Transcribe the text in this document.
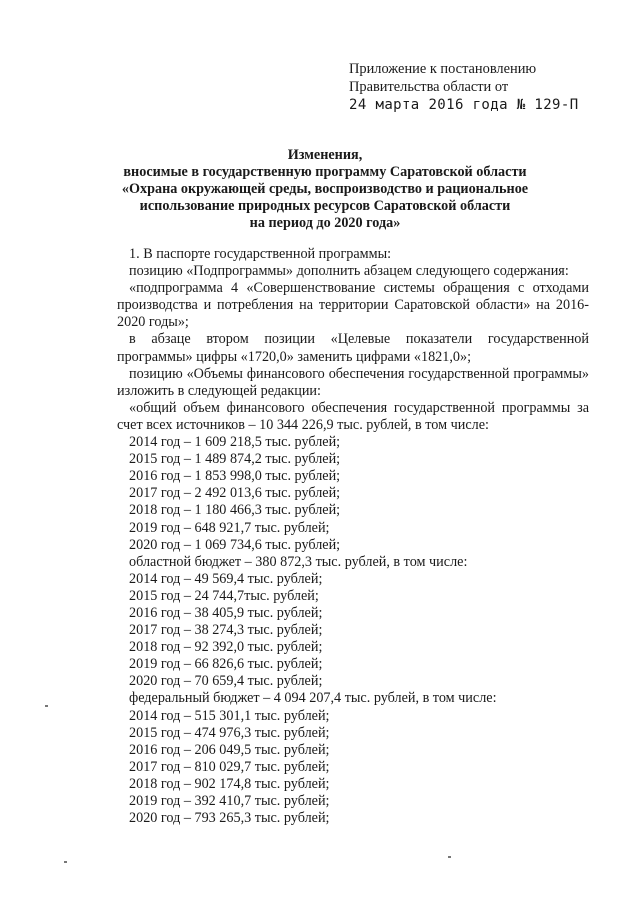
Приложение к постановлению
Правительства области от
24 марта 2016 года № 129-П
Изменения,
вносимые в государственную программу Саратовской области
«Охрана окружающей среды, воспроизводство и рациональное
использование природных ресурсов Саратовской области
на период до 2020 года»
1. В паспорте государственной программы:
позицию «Подпрограммы» дополнить абзацем следующего содержания:
«подпрограмма 4 «Совершенствование системы обращения с отходами производства и потребления на территории Саратовской области» на 2016-2020 годы»;
в абзаце втором позиции «Целевые показатели государственной программы» цифры «1720,0» заменить цифрами «1821,0»;
позицию «Объемы финансового обеспечения государственной программы» изложить в следующей редакции:
«общий объем финансового обеспечения государственной программы за счет всех источников – 10 344 226,9 тыс. рублей, в том числе:
2014 год – 1 609 218,5 тыс. рублей;
2015 год – 1 489 874,2 тыс. рублей;
2016 год – 1 853 998,0 тыс. рублей;
2017 год – 2 492 013,6 тыс. рублей;
2018 год – 1 180 466,3 тыс. рублей;
2019 год – 648 921,7 тыс. рублей;
2020 год – 1 069 734,6 тыс. рублей;
областной бюджет – 380 872,3 тыс. рублей, в том числе:
2014 год – 49 569,4 тыс. рублей;
2015 год – 24 744,7тыс. рублей;
2016 год – 38 405,9 тыс. рублей;
2017 год – 38 274,3 тыс. рублей;
2018 год – 92 392,0 тыс. рублей;
2019 год – 66 826,6 тыс. рублей;
2020 год – 70 659,4 тыс. рублей;
федеральный бюджет – 4 094 207,4 тыс. рублей, в том числе:
2014 год – 515 301,1 тыс. рублей;
2015 год – 474 976,3 тыс. рублей;
2016 год – 206 049,5 тыс. рублей;
2017 год – 810 029,7 тыс. рублей;
2018 год – 902 174,8 тыс. рублей;
2019 год – 392 410,7 тыс. рублей;
2020 год – 793 265,3 тыс. рублей;
